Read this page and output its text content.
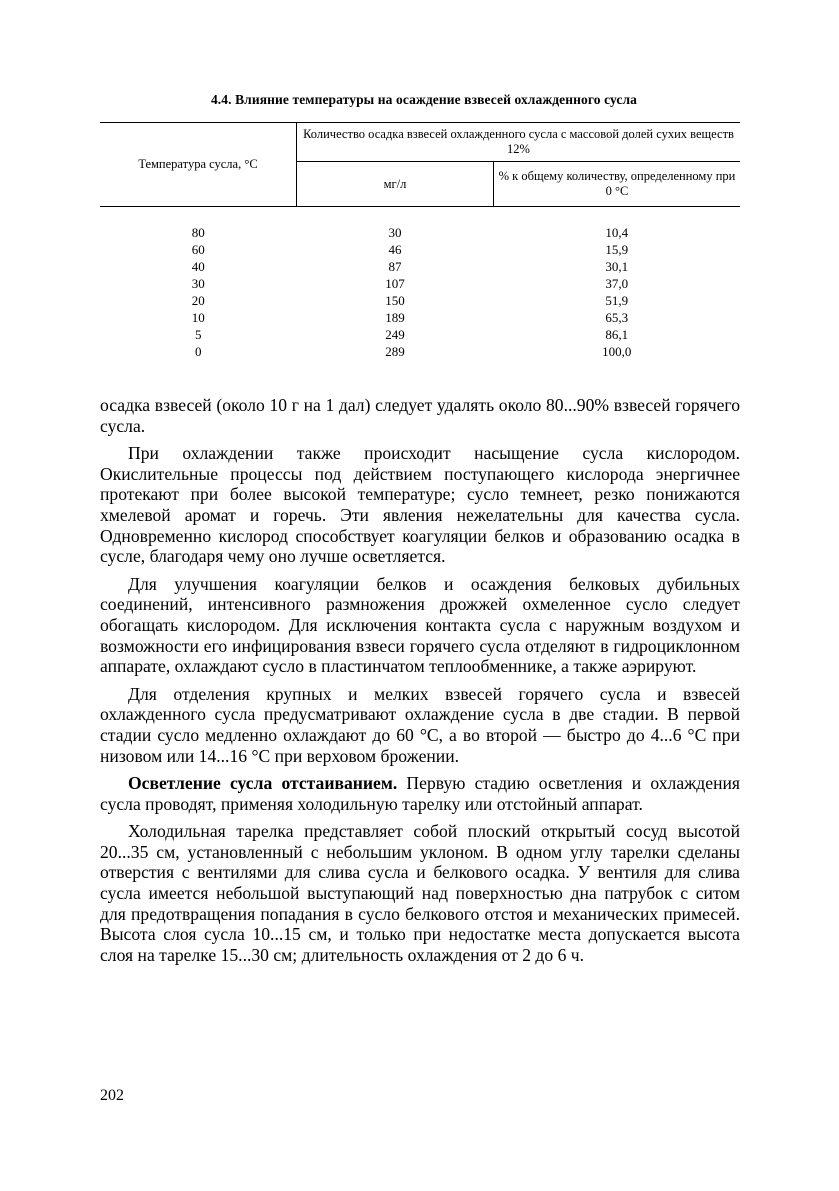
4.4. Влияние температуры на осаждение взвесей охлажденного сусла
Температура сусла, °С	Количество осадка взвесей охлажденного сусла с массовой долей сухих веществ 12%	
	мг/л	% к общему количеству, определенному при 0 °С

80	30	10,4
60	46	15,9
40	87	30,1
30	107	37,0
20	150	51,9
10	189	65,3
5	249	86,1
0	289	100,0

осадка взвесей (около 10 г на 1 дал) следует удалять около 80...90% взвесей горячего сусла.

При охлаждении также происходит насыщение сусла кислородом. Окислительные процессы под действием поступающего кислорода энергичнее протекают при более высокой температуре; сусло темнеет, резко понижаются хмелевой аромат и горечь. Эти явления нежелательны для качества сусла. Одновременно кислород способствует коагуляции белков и образованию осадка в сусле, благодаря чему оно лучше осветляется.

Для улучшения коагуляции белков и осаждения белковых дубильных соединений, интенсивного размножения дрожжей охмеленное сусло следует обогащать кислородом. Для исключения контакта сусла с наружным воздухом и возможности его инфицирования взвеси горячего сусла отделяют в гидроциклонном аппарате, охлаждают сусло в пластинчатом теплообменнике, а также аэрируют.

Для отделения крупных и мелких взвесей горячего сусла и взвесей охлажденного сусла предусматривают охлаждение сусла в две стадии. В первой стадии сусло медленно охлаждают до 60 °С, а во второй — быстро до 4...6 °С при низовом или 14...16 °С при верховом брожении.

Осветление сусла отстаиванием. Первую стадию осветления и охлаждения сусла проводят, применяя холодильную тарелку или отстойный аппарат.

Холодильная тарелка представляет собой плоский открытый сосуд высотой 20...35 см, установленный с небольшим уклоном. В одном углу тарелки сделаны отверстия с вентилями для слива сусла и белкового осадка. У вентиля для слива сусла имеется небольшой выступающий над поверхностью дна патрубок с ситом для предотвращения попадания в сусло белкового отстоя и механических примесей. Высота слоя сусла 10...15 см, и только при недостатке места допускается высота слоя на тарелке 15...30 см; длительность охлаждения от 2 до 6 ч.

202
